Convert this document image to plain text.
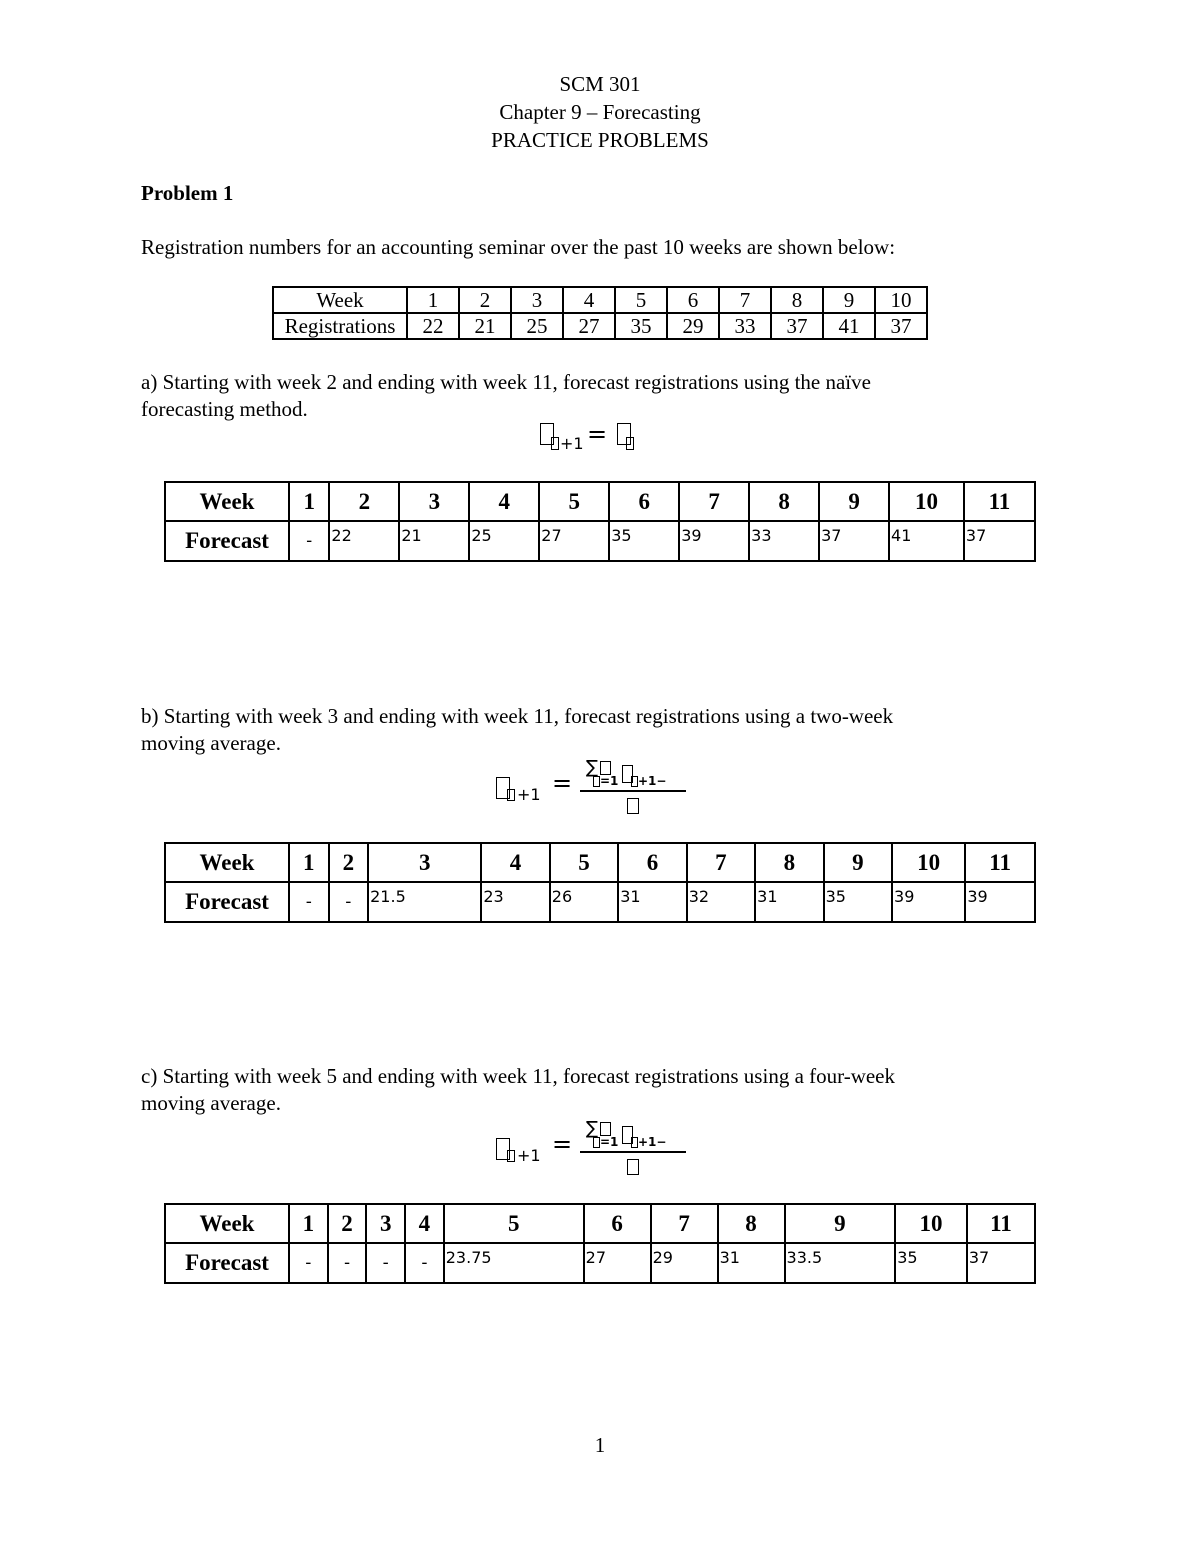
SCM 301
Chapter 9 – Forecasting
PRACTICE PROBLEMS
Problem 1
Registration numbers for an accounting seminar over the past 10 weeks are shown below:
Week	1	2	3	4	5	6	7	8	9	10
Registrations	22	21	25	27	35	29	33	37	41	37
a) Starting with week 2 and ending with week 11, forecast registrations using the naïve
forecasting method.
+1 =
Week	1	2	3	4	5	6	7	8	9	10	11
Forecast	-	22	21	25	27	35	39	33	37	41	37
b) Starting with week 3 and ending with week 11, forecast registrations using a two-week
moving average.
+1 =
∑
=1 +1−
Week	1	2	3	4	5	6	7	8	9	10	11
Forecast	-	-	21.5	23	26	31	32	31	35	39	39
c) Starting with week 5 and ending with week 11, forecast registrations using a four-week
moving average.
+1 =
∑
=1 +1−
Week	1	2	3	4	5	6	7	8	9	10	11
Forecast	-	-	-	-	23.75	27	29	31	33.5	35	37
1
